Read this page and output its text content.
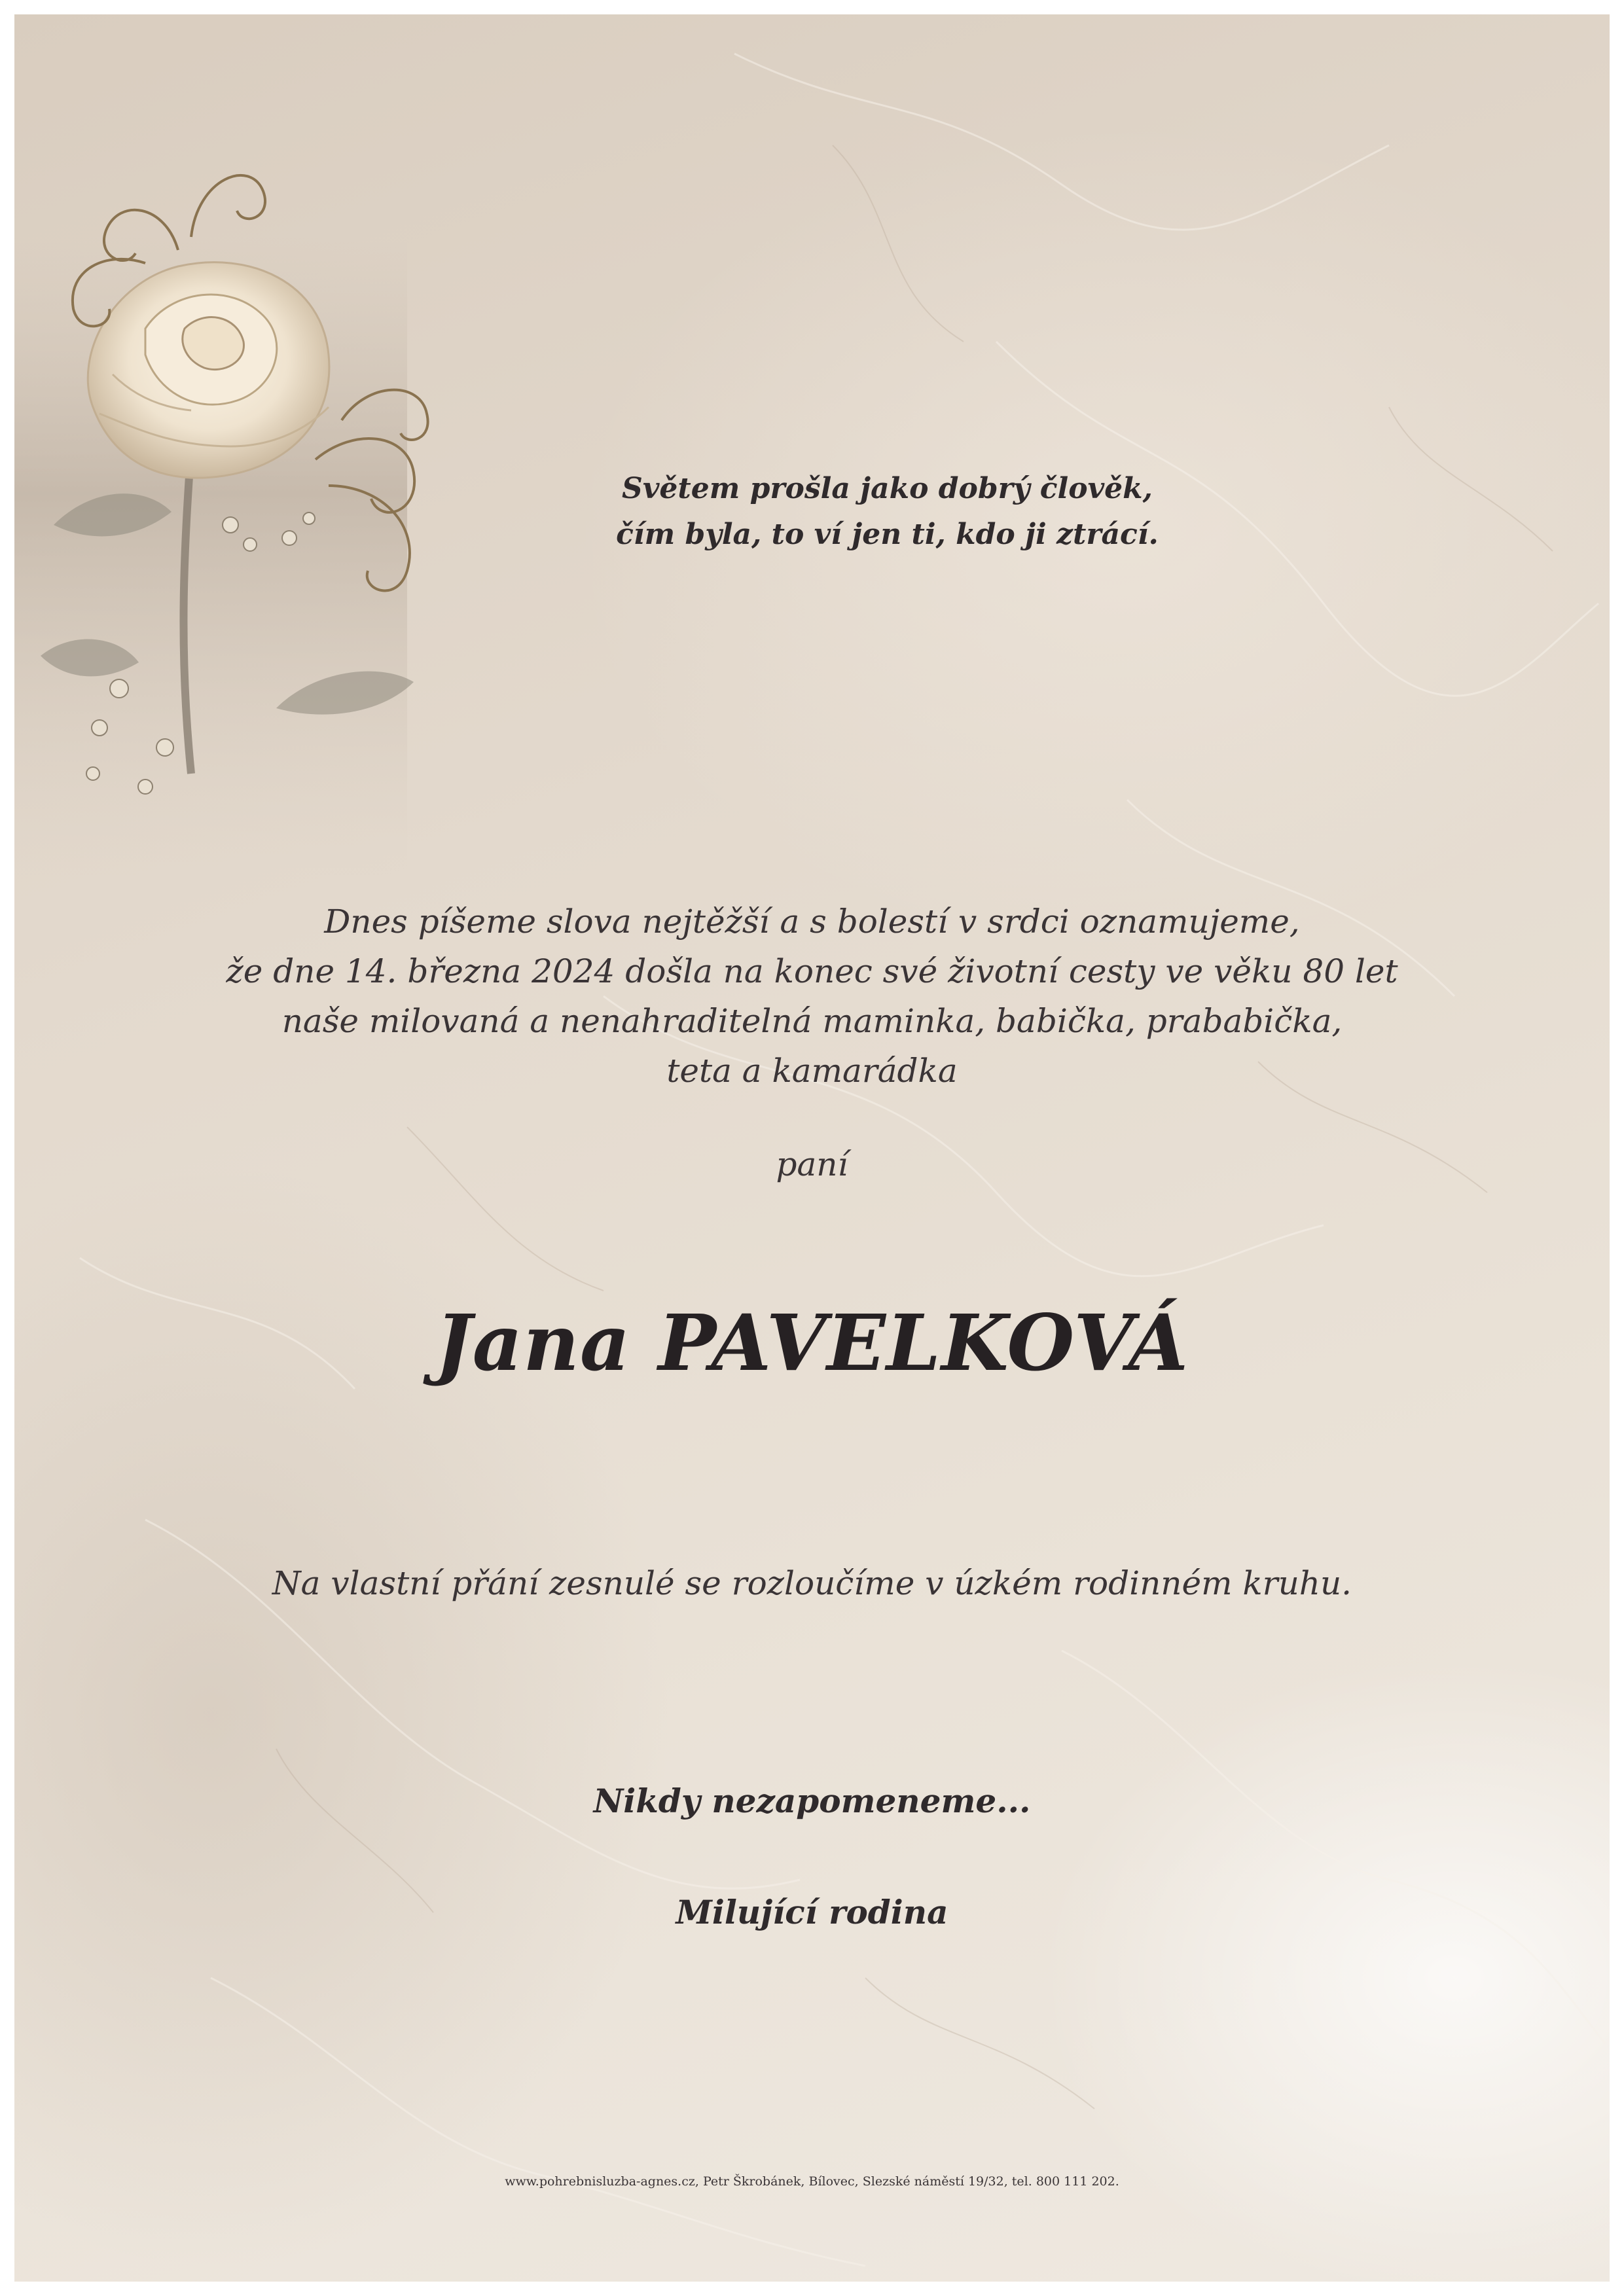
Světem prošla jako dobrý člověk,
čím byla, to ví jen ti, kdo ji ztrácí.

Dnes píšeme slova nejtěžší a s bolestí v srdci oznamujeme,
že dne 14. března 2024 došla na konec své životní cesty ve věku 80 let
naše milovaná a nenahraditelná maminka, babička, prababička,
teta a kamarádka

paní

Jana PAVELKOVÁ

Na vlastní přání zesnulé se rozloučíme v úzkém rodinném kruhu.

Nikdy nezapomeneme...

Milující rodina

www.pohrebnisluzba-agnes.cz, Petr Škrobánek, Bílovec, Slezské náměstí 19/32, tel. 800 111 202.
